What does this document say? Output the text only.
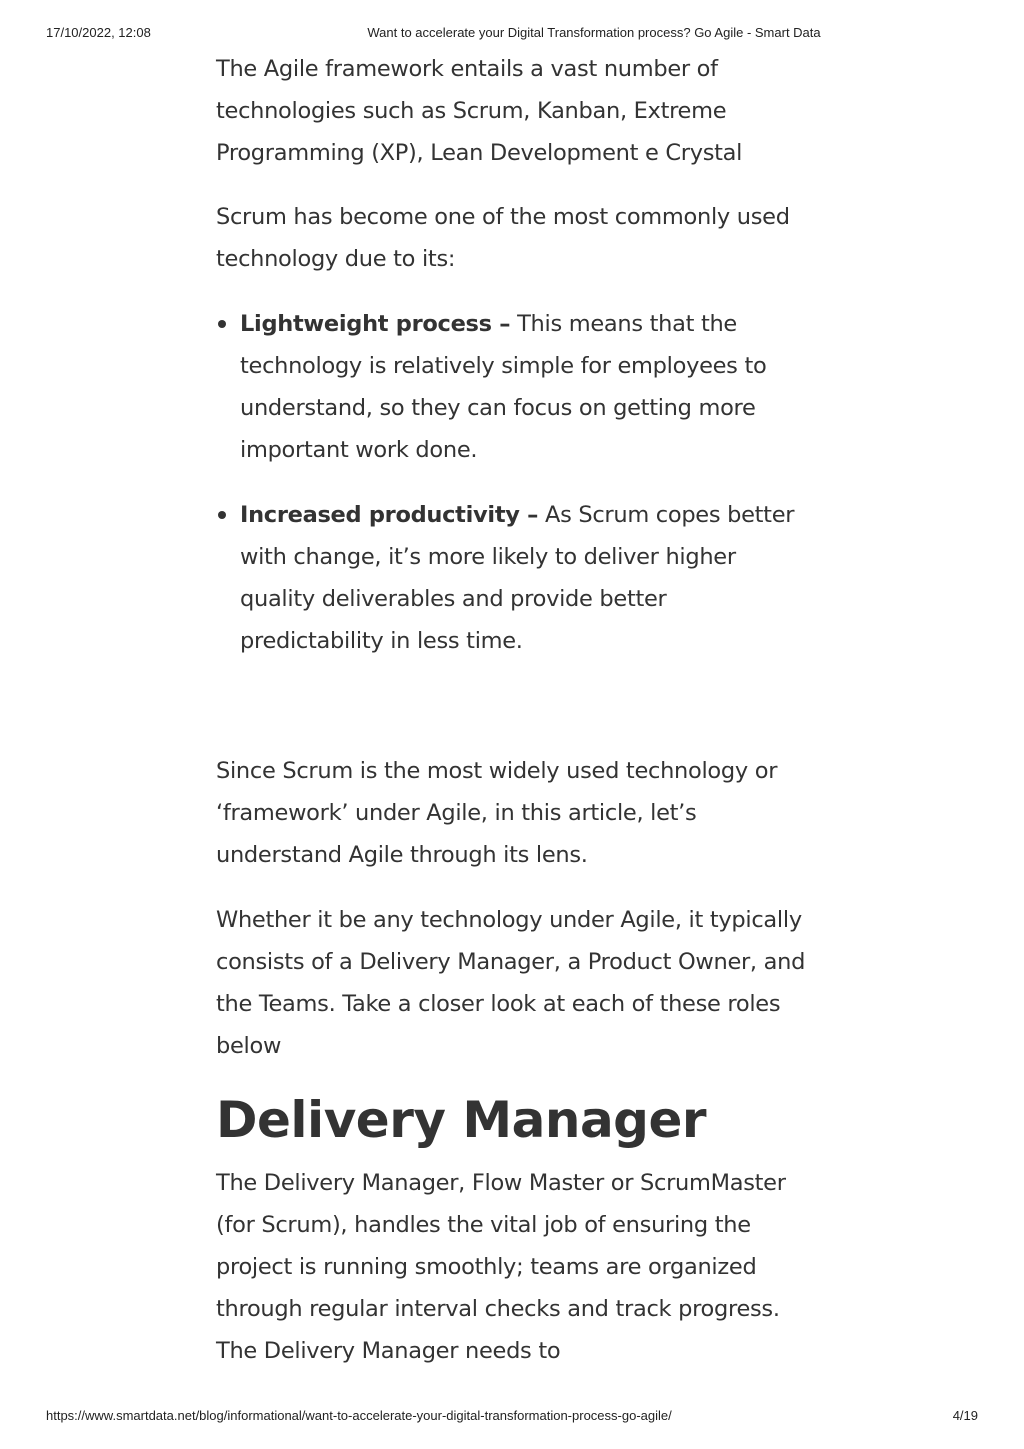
17/10/2022, 12:08	Want to accelerate your Digital Transformation process? Go Agile - Smart Data

The Agile framework entails a vast number of technologies such as Scrum, Kanban, Extreme Programming (XP), Lean Development e Crystal

Scrum has become one of the most commonly used technology due to its:

Lightweight process – This means that the technology is relatively simple for employees to understand, so they can focus on getting more important work done.
Increased productivity – As Scrum copes better with change, it’s more likely to deliver higher quality deliverables and provide better predictability in less time.

Since Scrum is the most widely used technology or ‘framework’ under Agile, in this article, let’s understand Agile through its lens.

Whether it be any technology under Agile, it typically consists of a Delivery Manager, a Product Owner, and the Teams. Take a closer look at each of these roles below

Delivery Manager

The Delivery Manager, Flow Master or ScrumMaster (for Scrum), handles the vital job of ensuring the project is running smoothly; teams are organized through regular interval checks and track progress. The Delivery Manager needs to

https://www.smartdata.net/blog/informational/want-to-accelerate-your-digital-transformation-process-go-agile/	4/19
